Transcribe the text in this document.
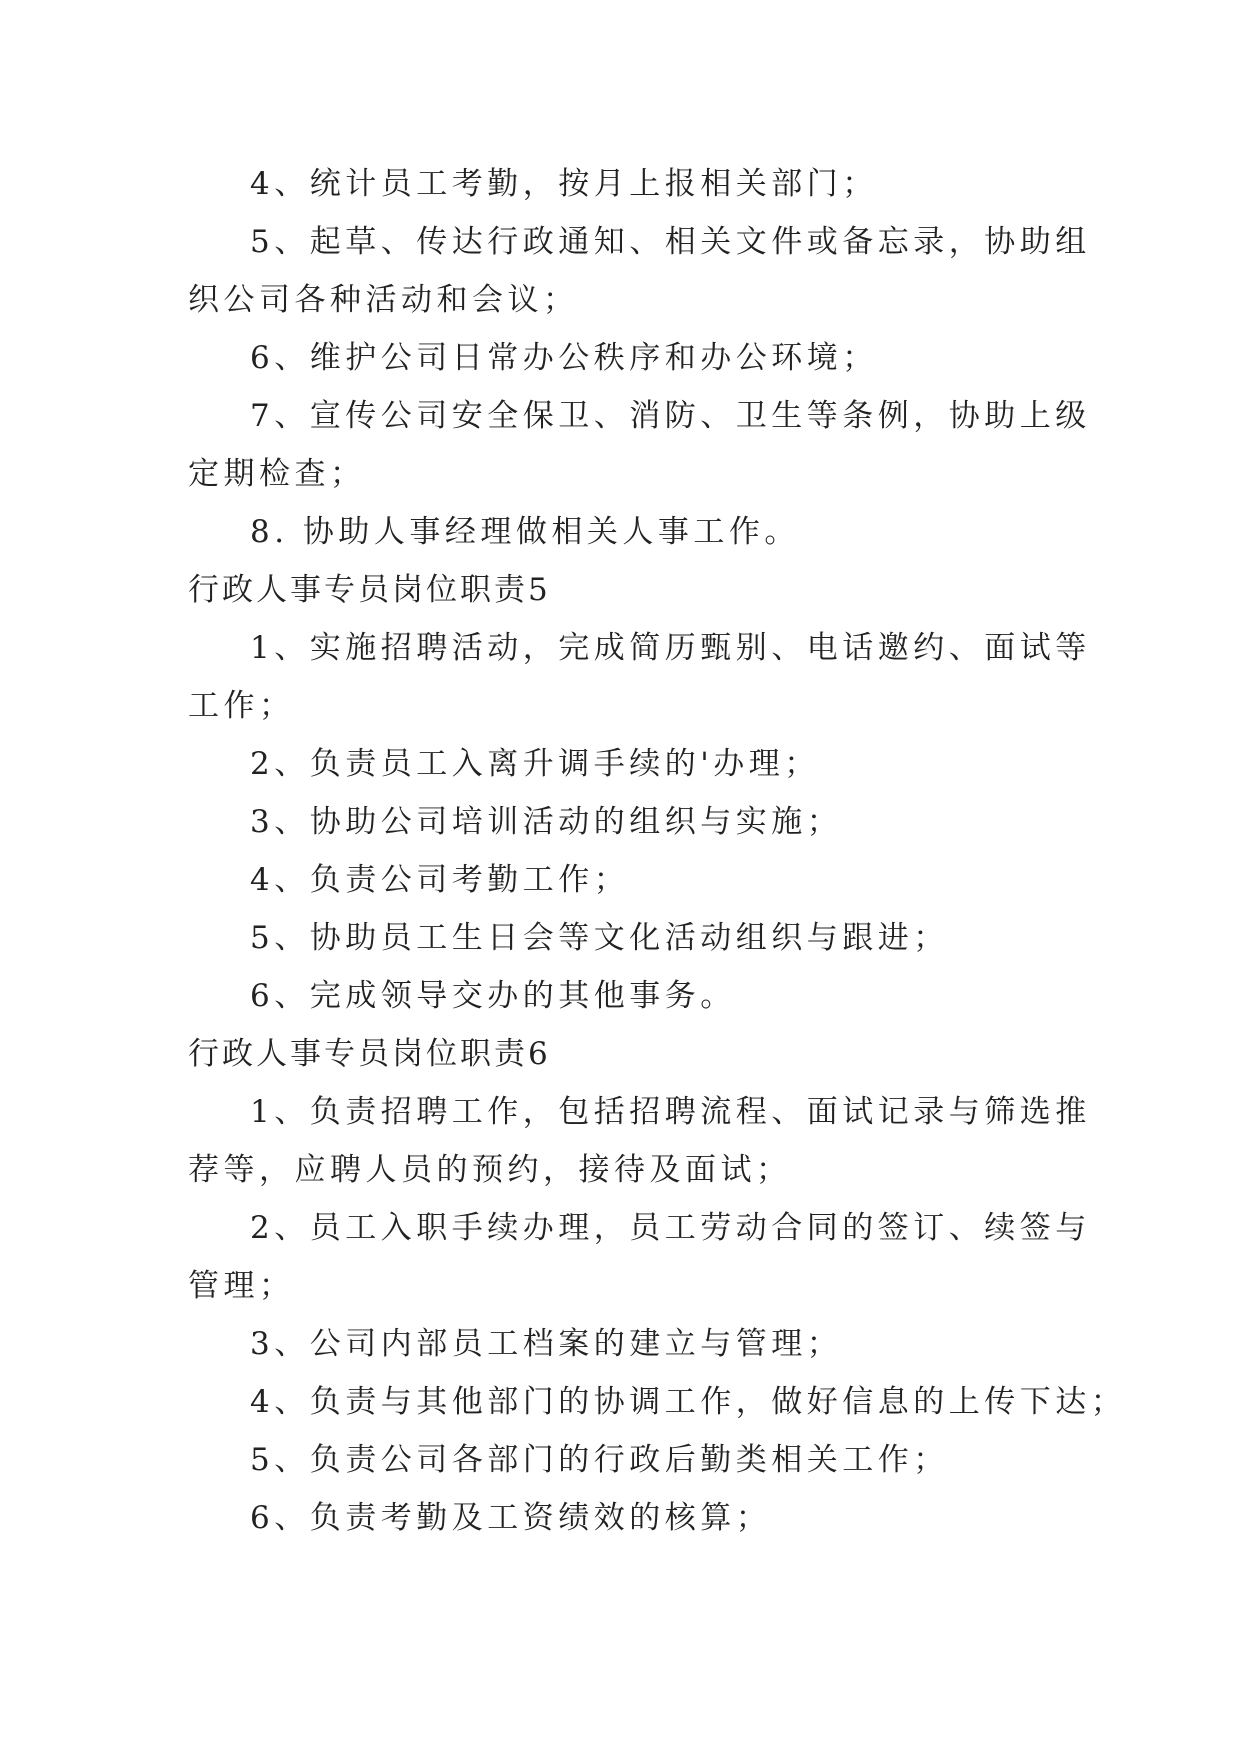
4、统计员工考勤，按月上报相关部门；
5、起草、传达行政通知、相关文件或备忘录，协助组
织公司各种活动和会议；
6、维护公司日常办公秩序和办公环境；
7、宣传公司安全保卫、消防、卫生等条例，协助上级
定期检查；
8. 协助人事经理做相关人事工作。
行政人事专员岗位职责5
1、实施招聘活动，完成简历甄别、电话邀约、面试等
工作；
2、负责员工入离升调手续的'办理；
3、协助公司培训活动的组织与实施；
4、负责公司考勤工作；
5、协助员工生日会等文化活动组织与跟进；
6、完成领导交办的其他事务。
行政人事专员岗位职责6
1、负责招聘工作，包括招聘流程、面试记录与筛选推
荐等，应聘人员的预约，接待及面试；
2、员工入职手续办理，员工劳动合同的签订、续签与
管理；
3、公司内部员工档案的建立与管理；
4、负责与其他部门的协调工作，做好信息的上传下达；
5、负责公司各部门的行政后勤类相关工作；
6、负责考勤及工资绩效的核算；
